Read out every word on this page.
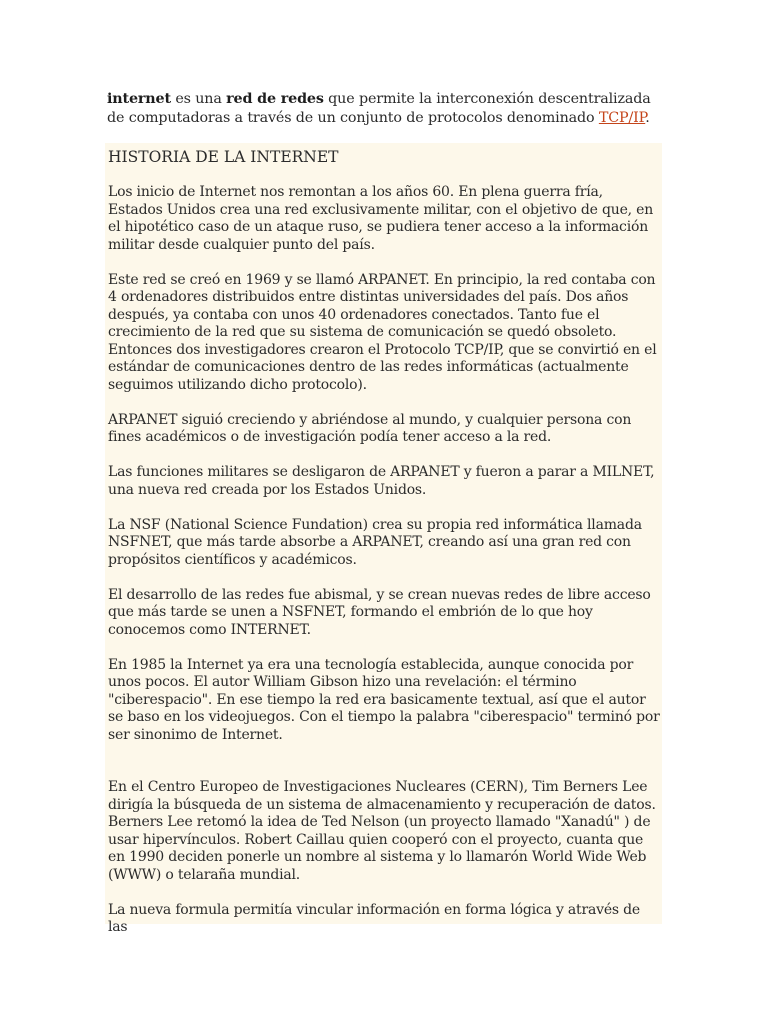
internet es una red de redes que permite la interconexión descentralizada de computadoras a través de un conjunto de protocolos denominado TCP/IP.
HISTORIA DE LA INTERNET

Los inicio de Internet nos remontan a los años 60. En plena guerra fría, Estados Unidos crea una red exclusivamente militar, con el objetivo de que, en el hipotético caso de un ataque ruso, se pudiera tener acceso a la información militar desde cualquier punto del país.

Este red se creó en 1969 y se llamó ARPANET. En principio, la red contaba con 4 ordenadores distribuidos entre distintas universidades del país. Dos años después, ya contaba con unos 40 ordenadores conectados. Tanto fue el crecimiento de la red que su sistema de comunicación se quedó obsoleto. Entonces dos investigadores crearon el Protocolo TCP/IP, que se convirtió en el estándar de comunicaciones dentro de las redes informáticas (actualmente seguimos utilizando dicho protocolo).

ARPANET siguió creciendo y abriéndose al mundo, y cualquier persona con fines académicos o de investigación podía tener acceso a la red.

Las funciones militares se desligaron de ARPANET y fueron a parar a MILNET, una nueva red creada por los Estados Unidos.

La NSF (National Science Fundation) crea su propia red informática llamada NSFNET, que más tarde absorbe a ARPANET, creando así una gran red con propósitos científicos y académicos.

El desarrollo de las redes fue abismal, y se crean nuevas redes de libre acceso que más tarde se unen a NSFNET, formando el embrión de lo que hoy conocemos como INTERNET.

En 1985 la Internet ya era una tecnología establecida, aunque conocida por unos pocos. El autor William Gibson hizo una revelación: el término "ciberespacio". En ese tiempo la red era basicamente textual, así que el autor se baso en los videojuegos. Con el tiempo la palabra "ciberespacio" terminó por ser sinonimo de Internet.

En el Centro Europeo de Investigaciones Nucleares (CERN), Tim Berners Lee dirigía la búsqueda de un sistema de almacenamiento y recuperación de datos. Berners Lee retomó la idea de Ted Nelson (un proyecto llamado "Xanadú" ) de usar hipervínculos. Robert Caillau quien cooperó con el proyecto, cuanta que en 1990 deciden ponerle un nombre al sistema y lo llamarón World Wide Web (WWW) o telaraña mundial.

La nueva formula permitía vincular información en forma lógica y através de las
